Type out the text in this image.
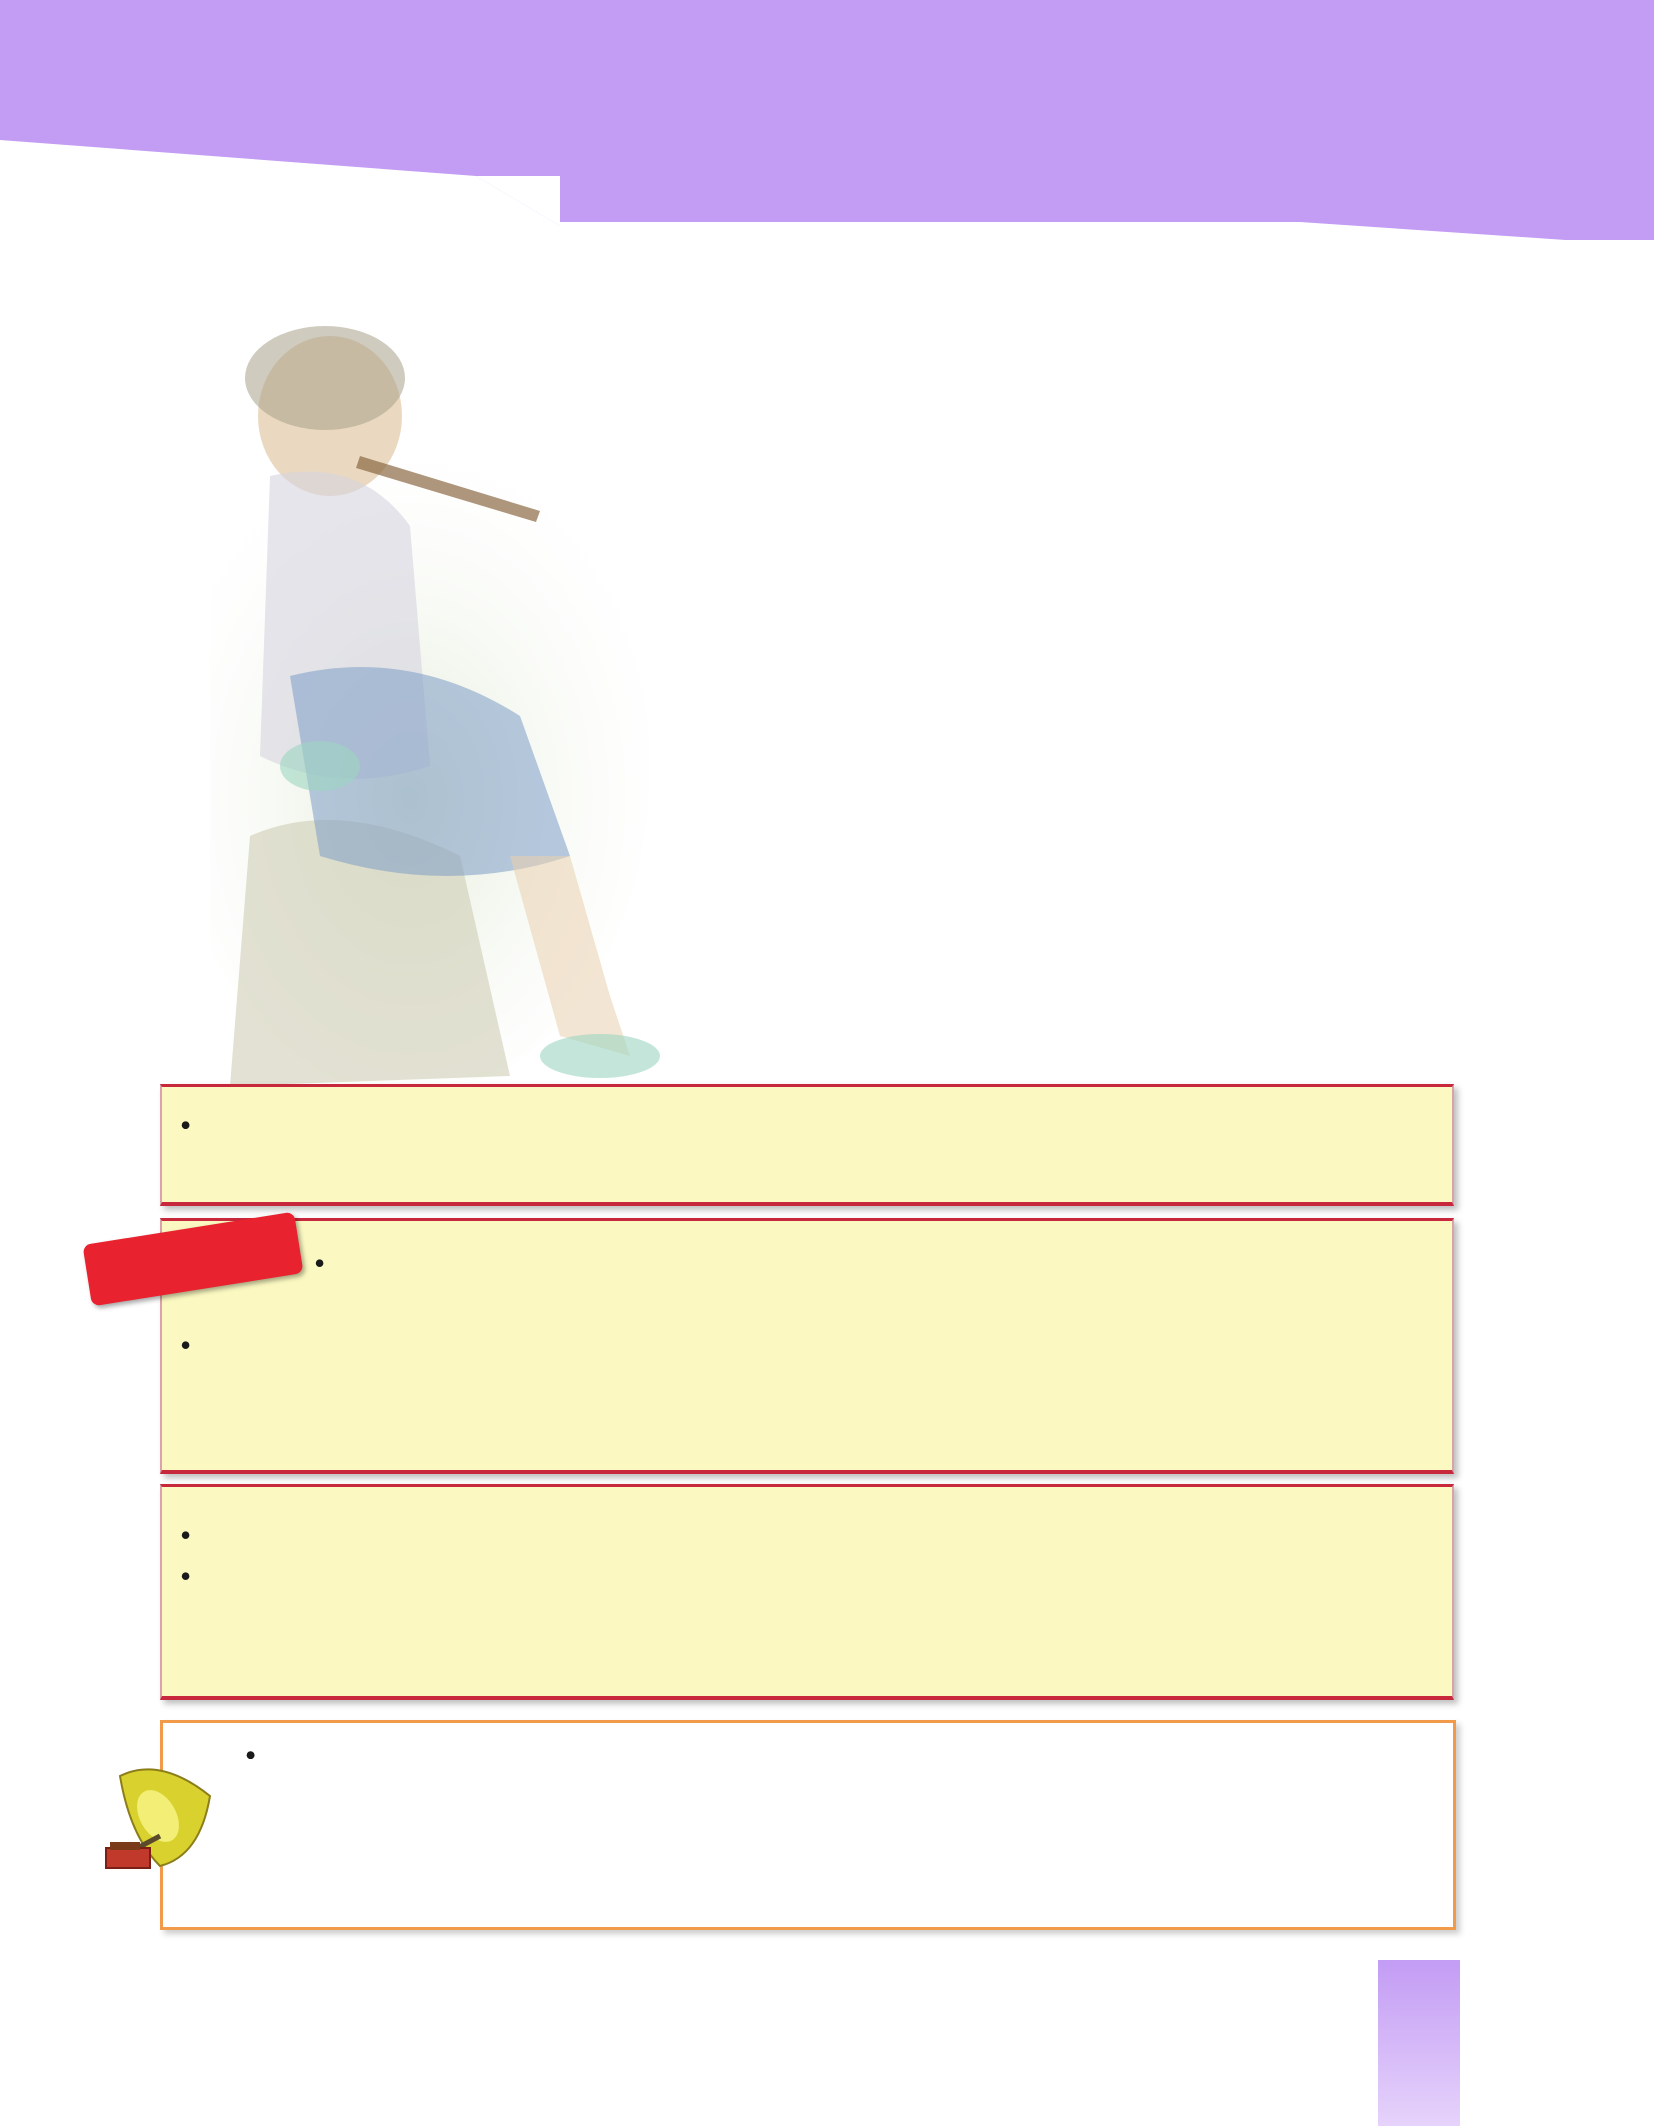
• •

•

•
